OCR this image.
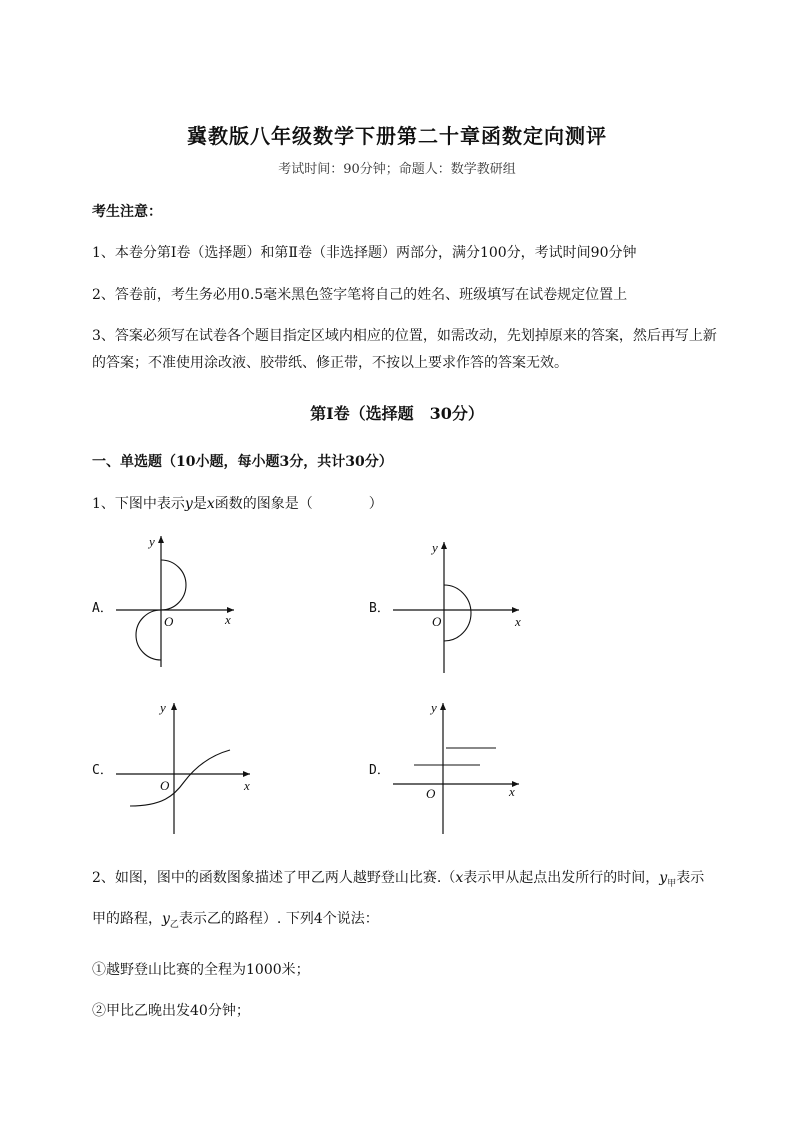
冀教版八年级数学下册第二十章函数定向测评
考试时间：90分钟；命题人：数学教研组
考生注意：
1、本卷分第Ⅰ卷（选择题）和第Ⅱ卷（非选择题）两部分，满分100分，考试时间90分钟
2、答卷前，考生务必用0.5毫米黑色签字笔将自己的姓名、班级填写在试卷规定位置上
3、答案必须写在试卷各个题目指定区域内相应的位置，如需改动，先划掉原来的答案，然后再写上新
的答案；不准使用涂改液、胶带纸、修正带，不按以上要求作答的答案无效。
第Ⅰ卷（选择题　30分）
一、单选题（10小题，每小题3分，共计30分）
1、下图中表示y是x函数的图象是（　　　　）
A．
y
x
O
B．
y
x
O
C．
y
x
O
D．
y
x
O
2、如图，图中的函数图象描述了甲乙两人越野登山比赛.（x表示甲从起点出发所行的时间，$y_甲$表示
甲的路程，$y_乙$表示乙的路程）. 下列4个说法：
①越野登山比赛的全程为1000米；
②甲比乙晚出发40分钟；
